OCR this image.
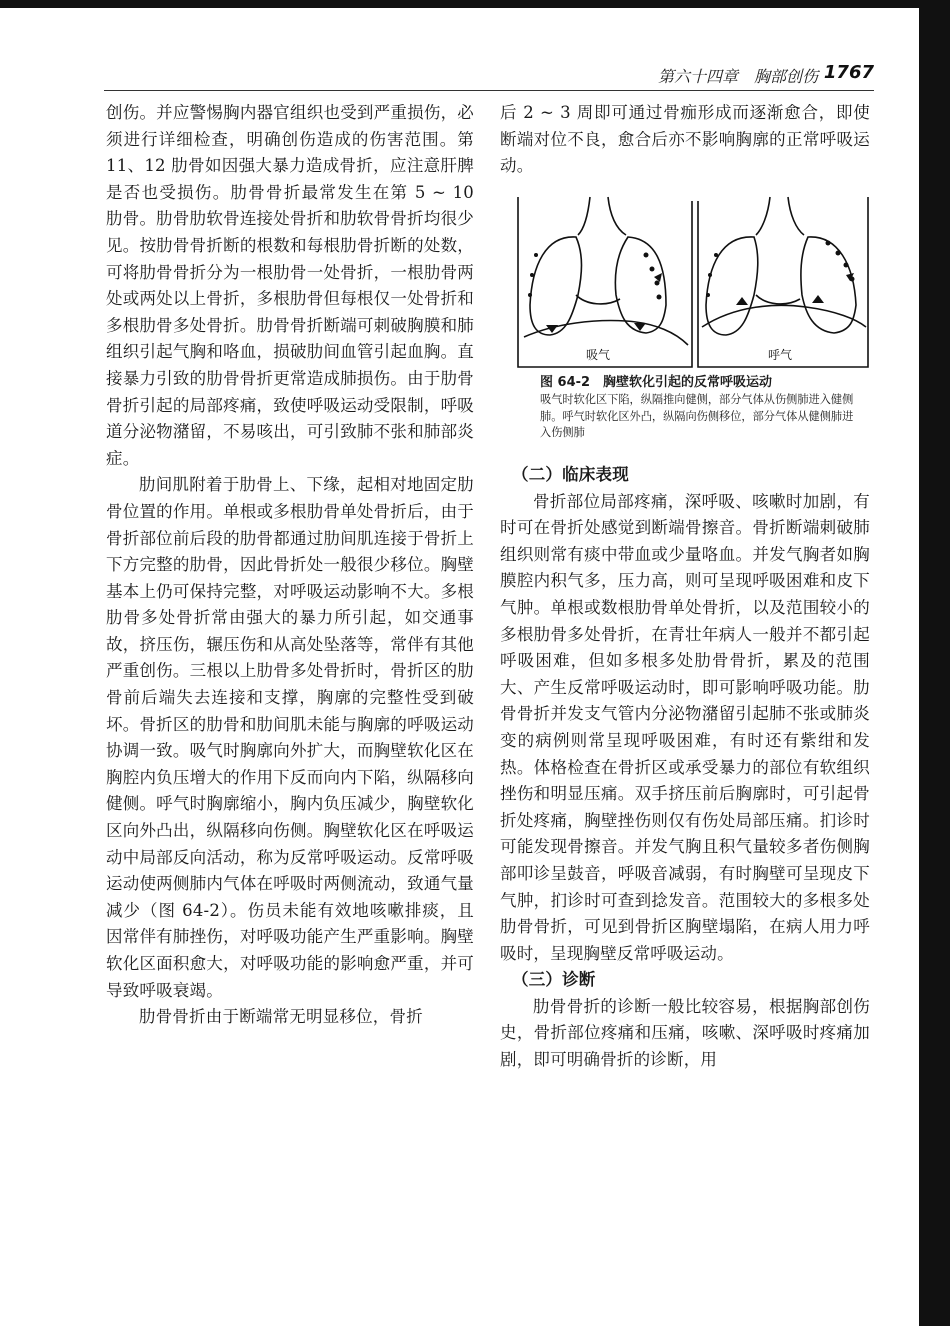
第六十四章　胸部创伤 1767

创伤。并应警惕胸内器官组织也受到严重损伤，必须进行详细检查，明确创伤造成的伤害范围。第 11、12 肋骨如因强大暴力造成骨折，应注意肝脾是否也受损伤。肋骨骨折最常发生在第 5 ~ 10 肋骨。肋骨肋软骨连接处骨折和肋软骨骨折均很少见。按肋骨骨折断的根数和每根肋骨折断的处数，可将肋骨骨折分为一根肋骨一处骨折，一根肋骨两处或两处以上骨折，多根肋骨但每根仅一处骨折和多根肋骨多处骨折。肋骨骨折断端可刺破胸膜和肺组织引起气胸和咯血，损破肋间血管引起血胸。直接暴力引致的肋骨骨折更常造成肺损伤。由于肋骨骨折引起的局部疼痛，致使呼吸运动受限制，呼吸道分泌物潴留，不易咳出，可引致肺不张和肺部炎症。

肋间肌附着于肋骨上、下缘，起相对地固定肋骨位置的作用。单根或多根肋骨单处骨折后，由于骨折部位前后段的肋骨都通过肋间肌连接于骨折上下方完整的肋骨，因此骨折处一般很少移位。胸壁基本上仍可保持完整，对呼吸运动影响不大。多根肋骨多处骨折常由强大的暴力所引起，如交通事故，挤压伤，辗压伤和从高处坠落等，常伴有其他严重创伤。三根以上肋骨多处骨折时，骨折区的肋骨前后端失去连接和支撑，胸廓的完整性受到破坏。骨折区的肋骨和肋间肌未能与胸廓的呼吸运动协调一致。吸气时胸廓向外扩大，而胸壁软化区在胸腔内负压增大的作用下反而向内下陷，纵隔移向健侧。呼气时胸廓缩小，胸内负压减少，胸壁软化区向外凸出，纵隔移向伤侧。胸壁软化区在呼吸运动中局部反向活动，称为反常呼吸运动。反常呼吸运动使两侧肺内气体在呼吸时两侧流动，致通气量减少（图 64-2）。伤员未能有效地咳嗽排痰，且因常伴有肺挫伤，对呼吸功能产生严重影响。胸壁软化区面积愈大，对呼吸功能的影响愈严重，并可导致呼吸衰竭。

肋骨骨折由于断端常无明显移位，骨折

后 2 ~ 3 周即可通过骨痂形成而逐渐愈合，即使断端对位不良，愈合后亦不影响胸廓的正常呼吸运动。

吸气	呼气
图 64-2　胸壁软化引起的反常呼吸运动
吸气时软化区下陷，纵隔推向健侧，部分气体从伤侧肺进入健侧肺。呼气时软化区外凸，纵隔向伤侧移位，部分气体从健侧肺进入伤侧肺
（二）临床表现

骨折部位局部疼痛，深呼吸、咳嗽时加剧，有时可在骨折处感觉到断端骨擦音。骨折断端刺破肺组织则常有痰中带血或少量咯血。并发气胸者如胸膜腔内积气多，压力高，则可呈现呼吸困难和皮下气肿。单根或数根肋骨单处骨折，以及范围较小的多根肋骨多处骨折，在青壮年病人一般并不都引起呼吸困难，但如多根多处肋骨骨折，累及的范围大、产生反常呼吸运动时，即可影响呼吸功能。肋骨骨折并发支气管内分泌物潴留引起肺不张或肺炎变的病例则常呈现呼吸困难，有时还有紫绀和发热。体格检查在骨折区或承受暴力的部位有软组织挫伤和明显压痛。双手挤压前后胸廓时，可引起骨折处疼痛，胸壁挫伤则仅有伤处局部压痛。扪诊时可能发现骨擦音。并发气胸且积气量较多者伤侧胸部叩诊呈鼓音，呼吸音减弱，有时胸壁可呈现皮下气肿，扪诊时可查到捻发音。范围较大的多根多处肋骨骨折，可见到骨折区胸壁塌陷，在病人用力呼吸时，呈现胸壁反常呼吸运动。

（三）诊断

肋骨骨折的诊断一般比较容易，根据胸部创伤史，骨折部位疼痛和压痛，咳嗽、深呼吸时疼痛加剧，即可明确骨折的诊断，用
